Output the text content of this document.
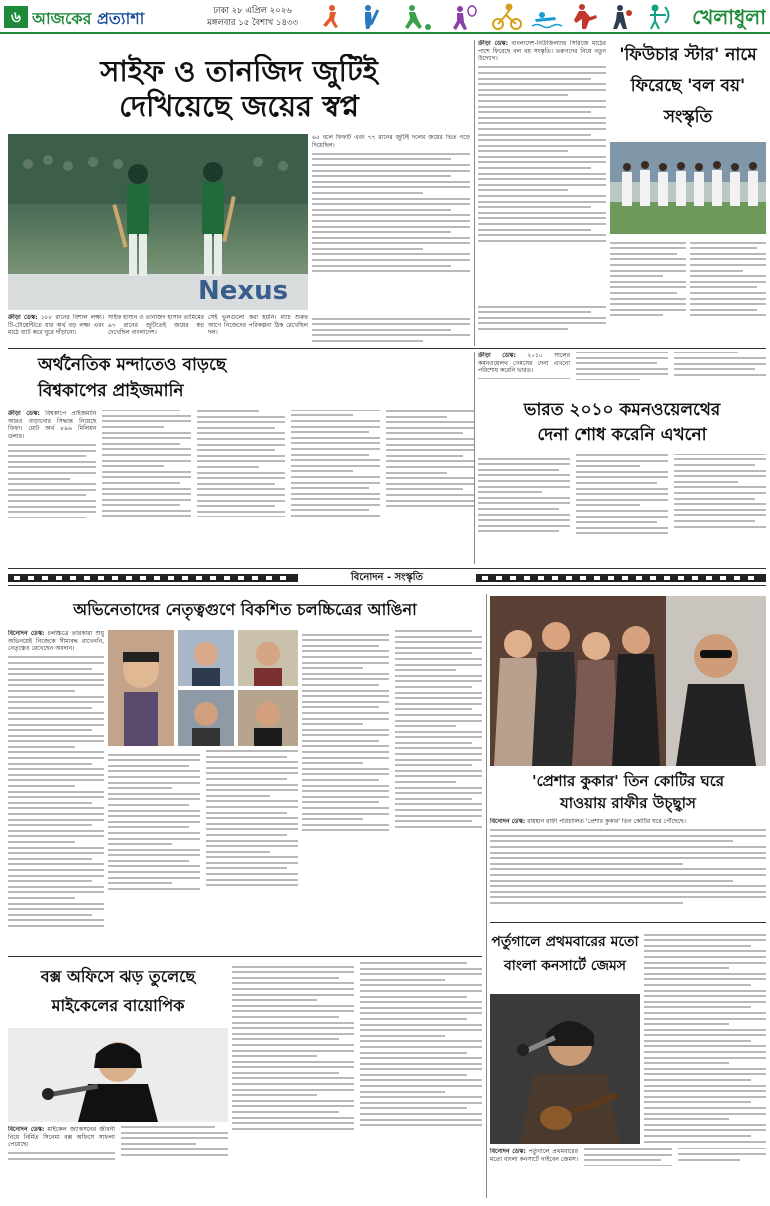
৬ আজকের প্রত্যাশা	ঢাকা ২৮ এপ্রিল ২০২৬
মঙ্গলবার ১৫ বৈশাখ ১৪৩৩	খেলাধুলা
সাইফ ও তানজিদ জুটিই
দেখিয়েছে জয়ের স্বপ্ন
Nexus
৬৫ বলে ফিফটি এবং ৭৭ রানের জুটিই দলের জয়ের ভিত গড়ে দিয়েছিল।
ক্রীড়া ডেস্ক: ১৮৮ রানের বিশাল লক্ষ্য। টি-টোয়েন্টিতে যার অর্থ বড় লক্ষ্য এবং মাঠে ব্যাট করে ঘুরে দাঁড়ানো।
সাইফ হাসান ও তানজিদ হাসান তামিমের ৯৭ রানের জুটিতেই জয়ের স্বপ্ন দেখেছিল বাংলাদেশ।
সেই ভুলগুলো করা হয়নি। ম্যাচ শুরুর আগে নিজেদের পরিকল্পনা ঠিক রেখেছিল দল।
ক্রীড়া ডেস্ক: বাংলাদেশ-নিউজিল্যান্ড সিরিজে মাঠের পাশে ফিরেছে বল বয় সংস্কৃতি। তরুণদের নিয়ে নতুন উদ্যোগ।	'ফিউচার স্টার' নামে
ফিরেছে 'বল বয়'
সংস্কৃতি
অর্থনৈতিক মন্দাতেও বাড়ছে
বিশ্বকাপের প্রাইজমানি
ক্রীড়া ডেস্ক: বিশ্বকাপে প্রাইজমানি আরও বাড়ানোর সিদ্ধান্ত নিয়েছে ফিফা। মোট অর্থ ৮৯৬ মিলিয়ন ডলার।
ক্রীড়া ডেস্ক: ২০১০ সালের কমনওয়েলথ গেমসের দেনা এখনো পরিশোধ করেনি ভারত।
ভারত ২০১০ কমনওয়েলথের
দেনা শোধ করেনি এখনো
বিনোদন - সংস্কৃতি
অভিনেতাদের নেতৃত্বগুণে বিকশিত চলচ্চিত্রের আঙিনা
বিনোদন ডেস্ক: চলচ্চিত্রে তারকারা শুধু অভিনয়েই নিজেকে সীমাবদ্ধ রাখেননি, নেতৃত্বেও রেখেছেন অবদান।
'প্রেশার কুকার' তিন কোটির ঘরে
যাওয়ায় রাফীর উচ্ছ্বাস
বিনোদন ডেস্ক: রায়হান রাফী পরিচালিত 'প্রেশার কুকার' তিন কোটির ঘরে পৌঁছেছে।
পর্তুগালে প্রথমবারের মতো
বাংলা কনসার্টে জেমস
বিনোদন ডেস্ক: পর্তুগালে প্রথমবারের মতো বাংলা কনসার্টে গাইবেন জেমস।
বক্স অফিসে ঝড় তুলেছে
মাইকেলের বায়োপিক
বিনোদন ডেস্ক: মাইকেল জ্যাকসনের জীবনী নিয়ে নির্মিত সিনেমা বক্স অফিসে সাফল্য পেয়েছে।
